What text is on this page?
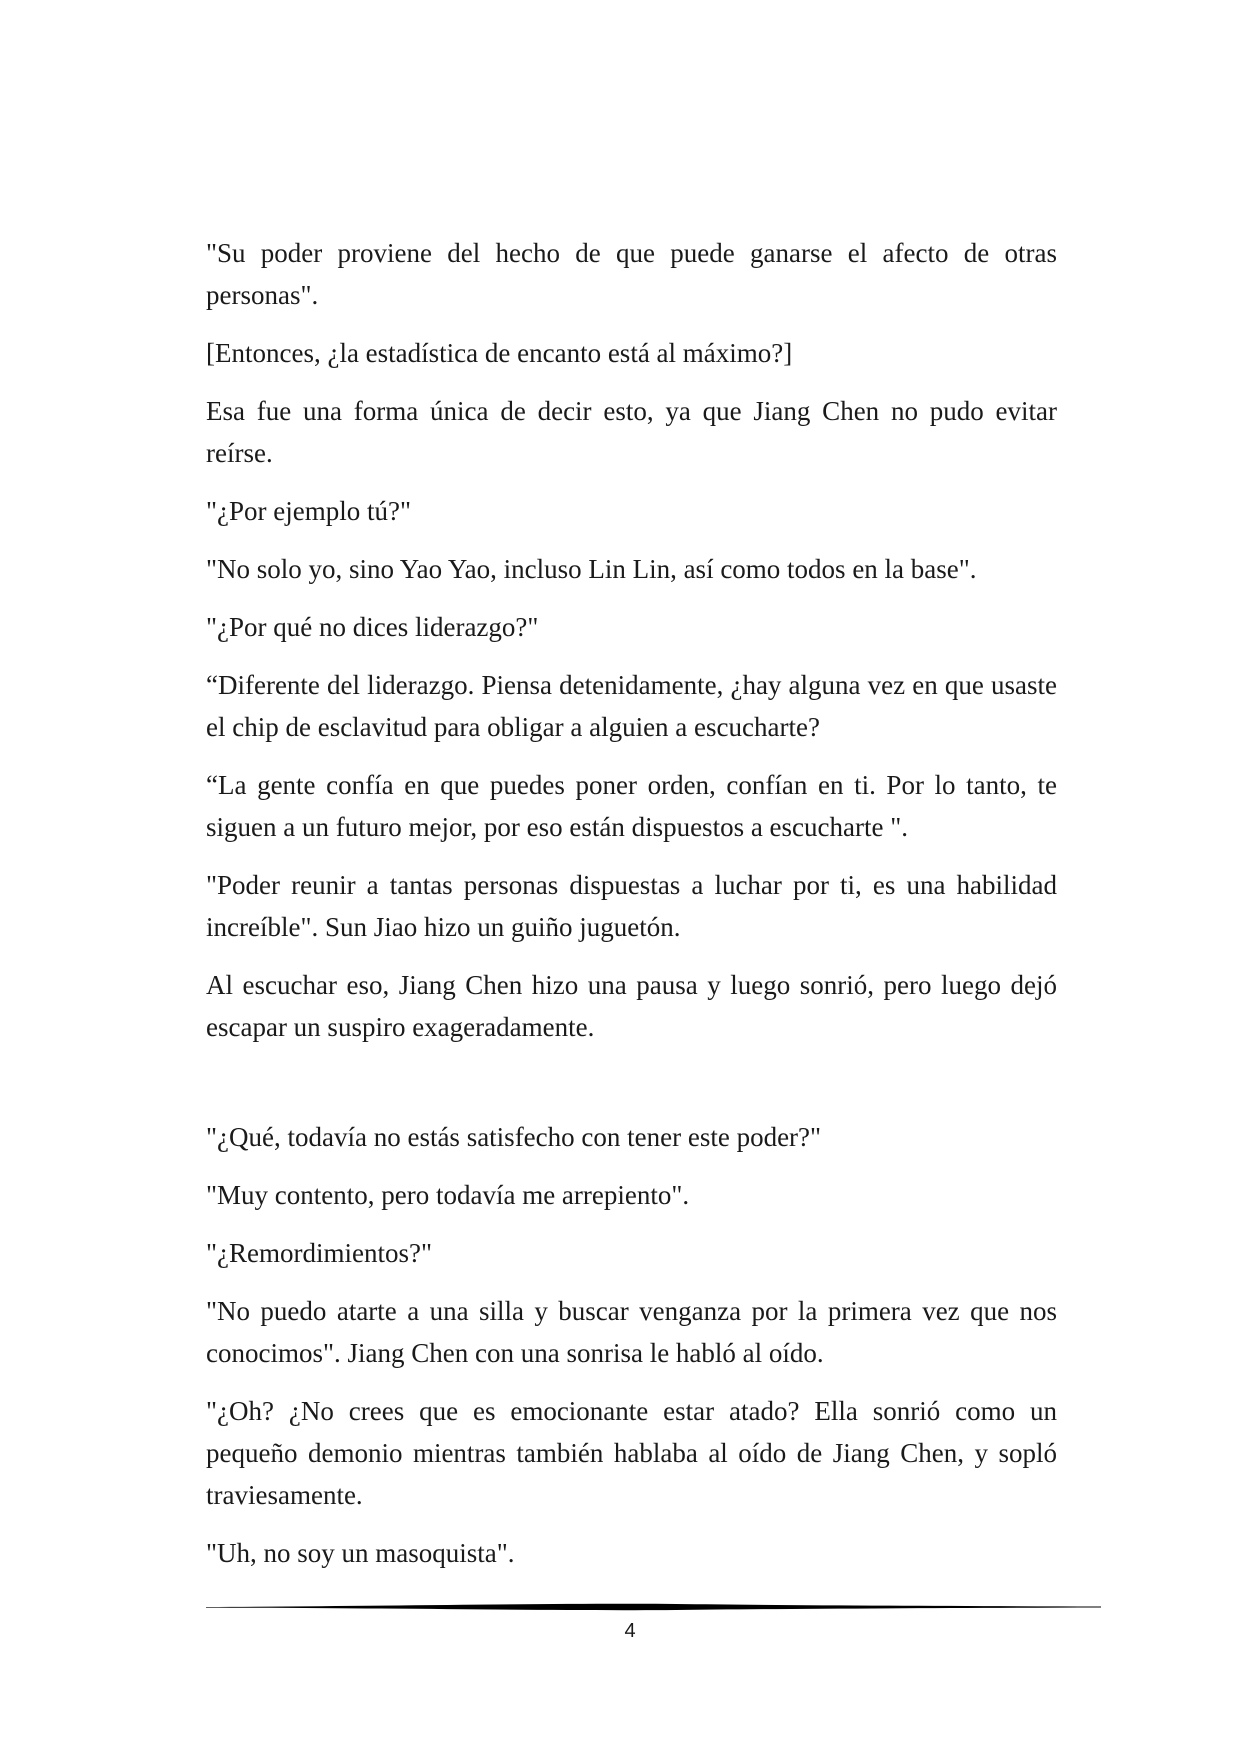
"Su poder proviene del hecho de que puede ganarse el afecto de otras personas".

[Entonces, ¿la estadística de encanto está al máximo?]

Esa fue una forma única de decir esto, ya que Jiang Chen no pudo evitar reírse.

"¿Por ejemplo tú?"

"No solo yo, sino Yao Yao, incluso Lin Lin, así como todos en la base".

"¿Por qué no dices liderazgo?"

“Diferente del liderazgo. Piensa detenidamente, ¿hay alguna vez en que usaste el chip de esclavitud para obligar a alguien a escucharte?

“La gente confía en que puedes poner orden, confían en ti. Por lo tanto, te siguen a un futuro mejor, por eso están dispuestos a escucharte ".

"Poder reunir a tantas personas dispuestas a luchar por ti, es una habilidad increíble". Sun Jiao hizo un guiño juguetón.

Al escuchar eso, Jiang Chen hizo una pausa y luego sonrió, pero luego dejó escapar un suspiro exageradamente.

"¿Qué, todavía no estás satisfecho con tener este poder?"

"Muy contento, pero todavía me arrepiento".

"¿Remordimientos?"

"No puedo atarte a una silla y buscar venganza por la primera vez que nos conocimos". Jiang Chen con una sonrisa le habló al oído.

"¿Oh? ¿No crees que es emocionante estar atado? Ella sonrió como un pequeño demonio mientras también hablaba al oído de Jiang Chen, y sopló traviesamente.

"Uh, no soy un masoquista".

4
